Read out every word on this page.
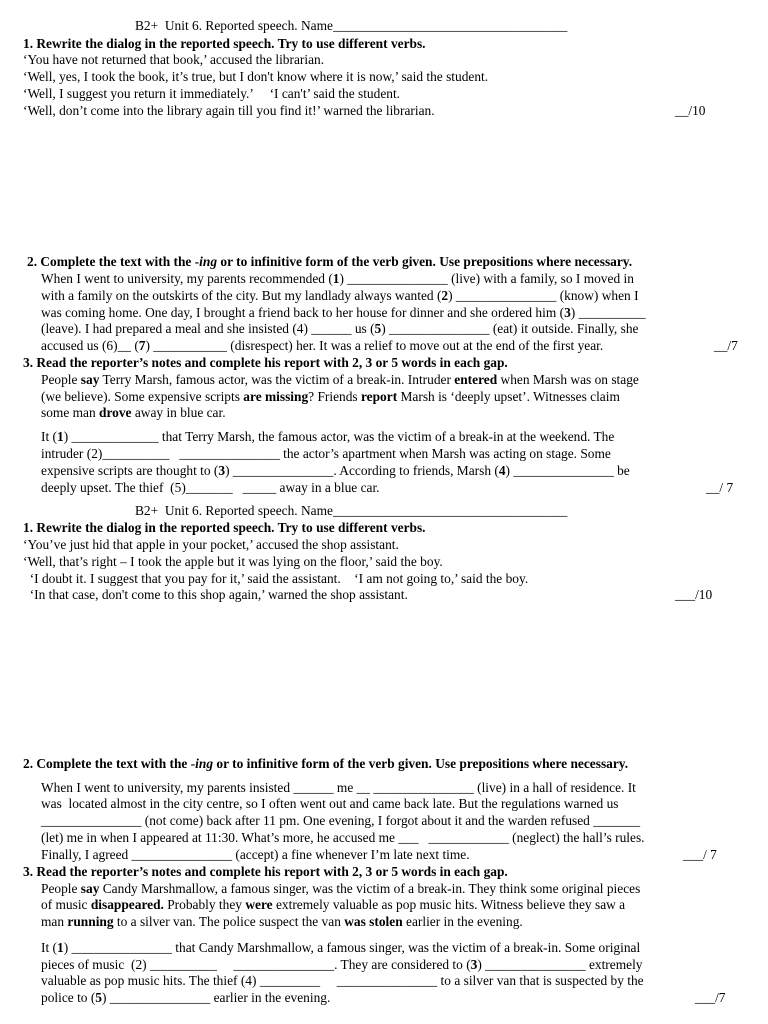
B2+  Unit 6. Reported speech. Name___________________________________
1. Rewrite the dialog in the reported speech. Try to use different verbs.
‘You have not returned that book,’ accused the librarian.
‘Well, yes, I took the book, it’s true, but I don't know where it is now,’ said the student.
‘Well, I suggest you return it immediately.’     ‘I can't’ said the student.
‘Well, don’t come into the library again till you find it!’ warned the librarian.	__/10
2. Complete the text with the -ing or to infinitive form of the verb given. Use prepositions where necessary.
When I went to university, my parents recommended (1) _______________ (live) with a family, so I moved in
with a family on the outskirts of the city. But my landlady always wanted (2) _______________ (know) when I
was coming home. One day, I brought a friend back to her house for dinner and she ordered him (3) __________
(leave). I had prepared a meal and she insisted (4) ______ us (5) _______________ (eat) it outside. Finally, she
accused us (6)__ (7) ___________ (disrespect) her. It was a relief to move out at the end of the first year.	__/7
3. Read the reporter’s notes and complete his report with 2, 3 or 5 words in each gap.
People say Terry Marsh, famous actor, was the victim of a break-in. Intruder entered when Marsh was on stage
(we believe). Some expensive scripts are missing? Friends report Marsh is ‘deeply upset’. Witnesses claim
some man drove away in blue car.
It (1) _____________ that Terry Marsh, the famous actor, was the victim of a break-in at the weekend. The
intruder (2)__________   _______________ the actor’s apartment when Marsh was acting on stage. Some
expensive scripts are thought to (3) _______________. According to friends, Marsh (4) _______________ be
deeply upset. The thief  (5)_______   _____ away in a blue car.	__/ 7
B2+  Unit 6. Reported speech. Name___________________________________
1. Rewrite the dialog in the reported speech. Try to use different verbs.
‘You’ve just hid that apple in your pocket,’ accused the shop assistant.
‘Well, that’s right – I took the apple but it was lying on the floor,’ said the boy.
‘I doubt it. I suggest that you pay for it,’ said the assistant.    ‘I am not going to,’ said the boy.
‘In that case, don't come to this shop again,’ warned the shop assistant.	___/10
2. Complete the text with the -ing or to infinitive form of the verb given. Use prepositions where necessary.
When I went to university, my parents insisted ______ me __ _______________ (live) in a hall of residence. It
was  located almost in the city centre, so I often went out and came back late. But the regulations warned us
_______________ (not come) back after 11 pm. One evening, I forgot about it and the warden refused _______
(let) me in when I appeared at 11:30. What’s more, he accused me ___   ____________ (neglect) the hall’s rules.
Finally, I agreed _______________ (accept) a fine whenever I’m late next time.	___/ 7
3. Read the reporter’s notes and complete his report with 2, 3 or 5 words in each gap.
People say Candy Marshmallow, a famous singer, was the victim of a break-in. They think some original pieces
of music disappeared. Probably they were extremely valuable as pop music hits. Witness believe they saw a
man running to a silver van. The police suspect the van was stolen earlier in the evening.
It (1) _______________ that Candy Marshmallow, a famous singer, was the victim of a break-in. Some original
pieces of music  (2) __________     _______________. They are considered to (3) _______________ extremely
valuable as pop music hits. The thief (4) _________     _______________ to a silver van that is suspected by the
police to (5) _______________ earlier in the evening.	___/7
